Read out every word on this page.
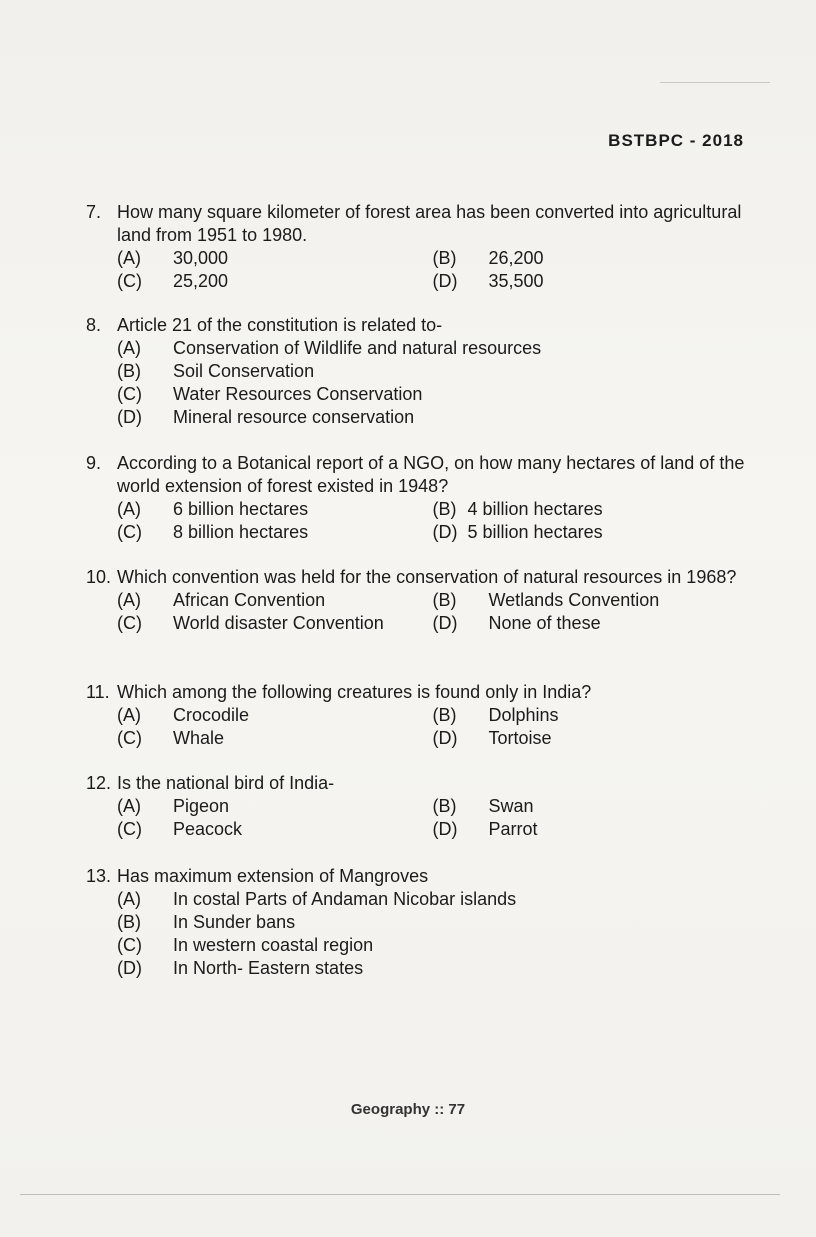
BSTBPC - 2018
7. How many square kilometer of forest area has been converted into agricultural land from 1951 to 1980.
(A)	30,000	(B)	26,200
(C)	25,200	(D)	35,500
8. Article 21 of the constitution is related to-
(A)	Conservation of Wildlife and natural resources
(B)	Soil Conservation
(C)	Water Resources Conservation
(D)	Mineral resource conservation
9. According to a Botanical report of a NGO, on how many hectares of land of the world extension of forest existed in 1948?
(A)	6 billion hectares	(B) 4 billion hectares
(C)	8 billion hectares	(D) 5 billion hectares
10. Which convention was held for the conservation of natural resources in 1968?
(A)	African Convention	(B)	Wetlands Convention
(C)	World disaster Convention	(D)	None of these
11. Which among the following creatures is found only in India?
(A)	Crocodile	(B)	Dolphins
(C)	Whale	(D)	Tortoise
12. Is the national bird of India-
(A)	Pigeon	(B)	Swan
(C)	Peacock	(D)	Parrot
13. Has maximum extension of Mangroves
(A)	In costal Parts of Andaman Nicobar islands
(B)	In Sunder bans
(C)	In western coastal region
(D)	In North- Eastern states
Geography :: 77
